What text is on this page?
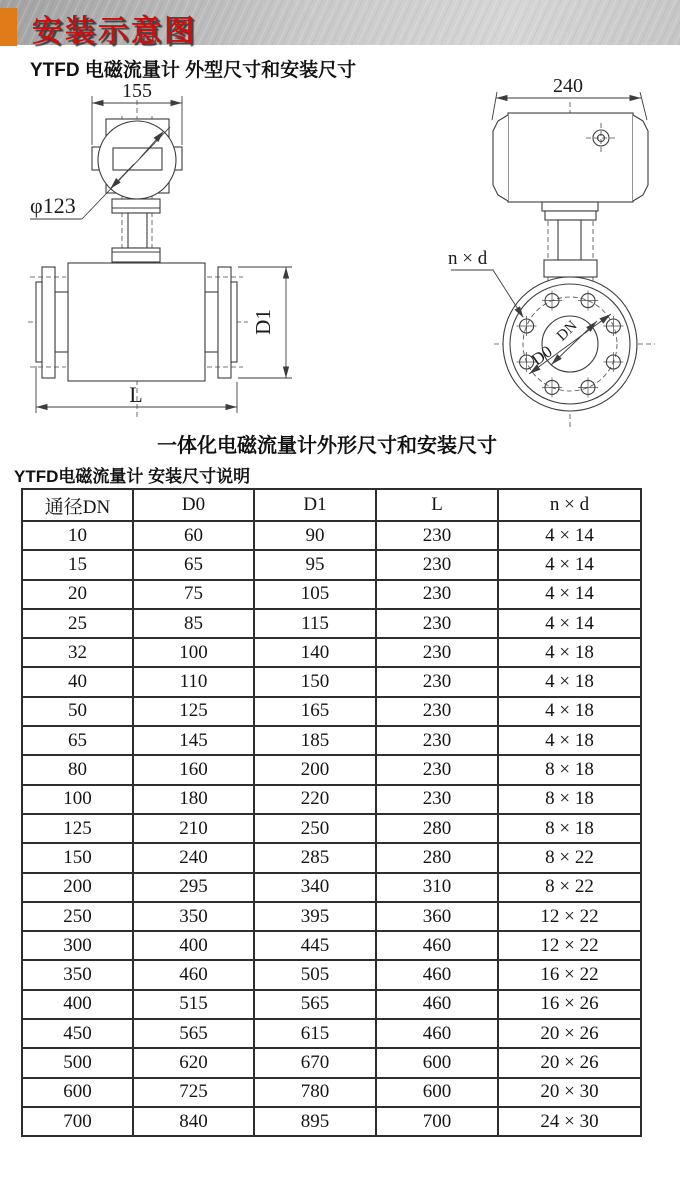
安装示意图
YTFD 电磁流量计 外型尺寸和安装尺寸
155
φ123
D1
L
240
D0
DN
n × d
一体化电磁流量计外形尺寸和安装尺寸
YTFD电磁流量计 安装尺寸说明
通径DN	D0	D1	L	n × d
10	60	90	230	4 × 14
15	65	95	230	4 × 14
20	75	105	230	4 × 14
25	85	115	230	4 × 14
32	100	140	230	4 × 18
40	110	150	230	4 × 18
50	125	165	230	4 × 18
65	145	185	230	4 × 18
80	160	200	230	8 × 18
100	180	220	230	8 × 18
125	210	250	280	8 × 18
150	240	285	280	8 × 22
200	295	340	310	8 × 22
250	350	395	360	12 × 22
300	400	445	460	12 × 22
350	460	505	460	16 × 22
400	515	565	460	16 × 26
450	565	615	460	20 × 26
500	620	670	600	20 × 26
600	725	780	600	20 × 30
700	840	895	700	24 × 30
